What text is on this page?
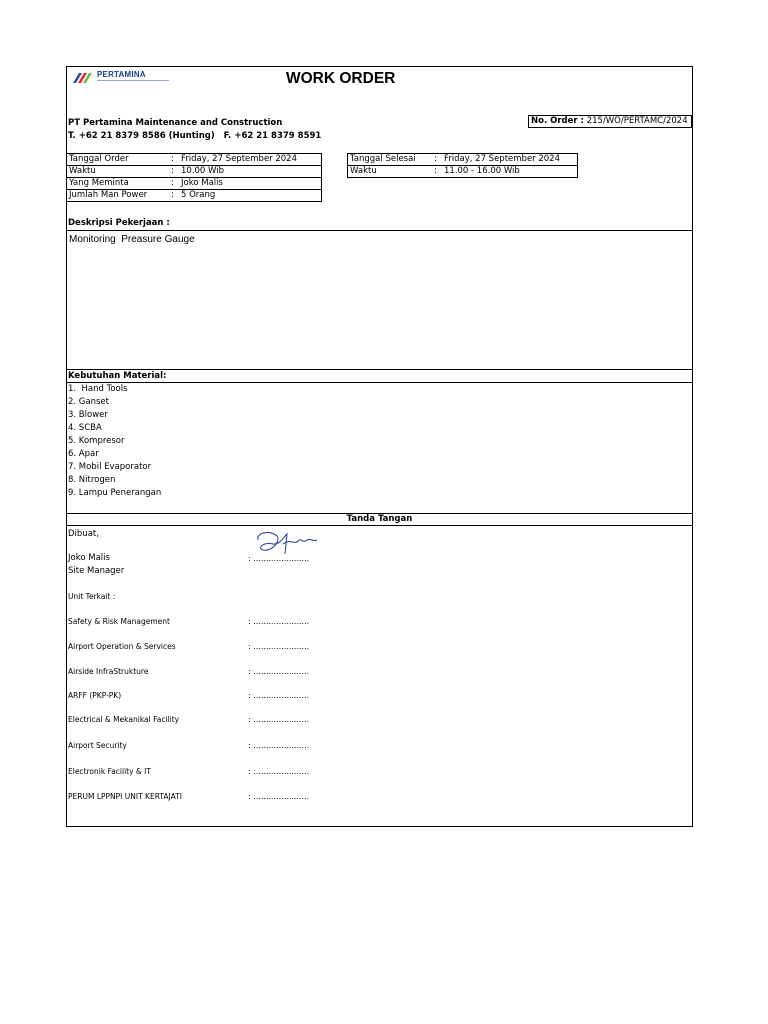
PERTAMINA	WORK ORDER
PT Pertamina Maintenance and Construction
T. +62 21 8379 8586 (Hunting)   F. +62 21 8379 8591
No. Order : 215/WO/PERTAMC/2024
Tanggal Order	:	Friday, 27 September 2024
Waktu	:	10.00 Wib
Yang Meminta	:	Joko Malis
Jumlah Man Power	:	5 Orang
Tanggal Selesai	:	Friday, 27 September 2024
Waktu	:	11.00 - 16.00 Wib
Deskripsi Pekerjaan :
Monitoring  Preasure Gauge
Kebutuhan Material:
1.  Hand Tools
2. Ganset
3. Blower
4. SCBA
5. Kompresor
6. Apar
7. Mobil Evaporator
8. Nitrogen
9. Lampu Penerangan
Tanda Tangan
Dibuat,
Joko Malis	: ......................
Site Manager
Unit Terkait :
Safety & Risk Management	: ......................
Airport Operation & Services	: ......................
Airside InfraStrukture	: ......................
ARFF (PKP-PK)	: ......................
Electrical & Mekanikal Facility	: ......................
Airport Security	: ......................
Electronik Facility & IT	: ......................
PERUM LPPNPI UNIT KERTAJATI	: ......................
